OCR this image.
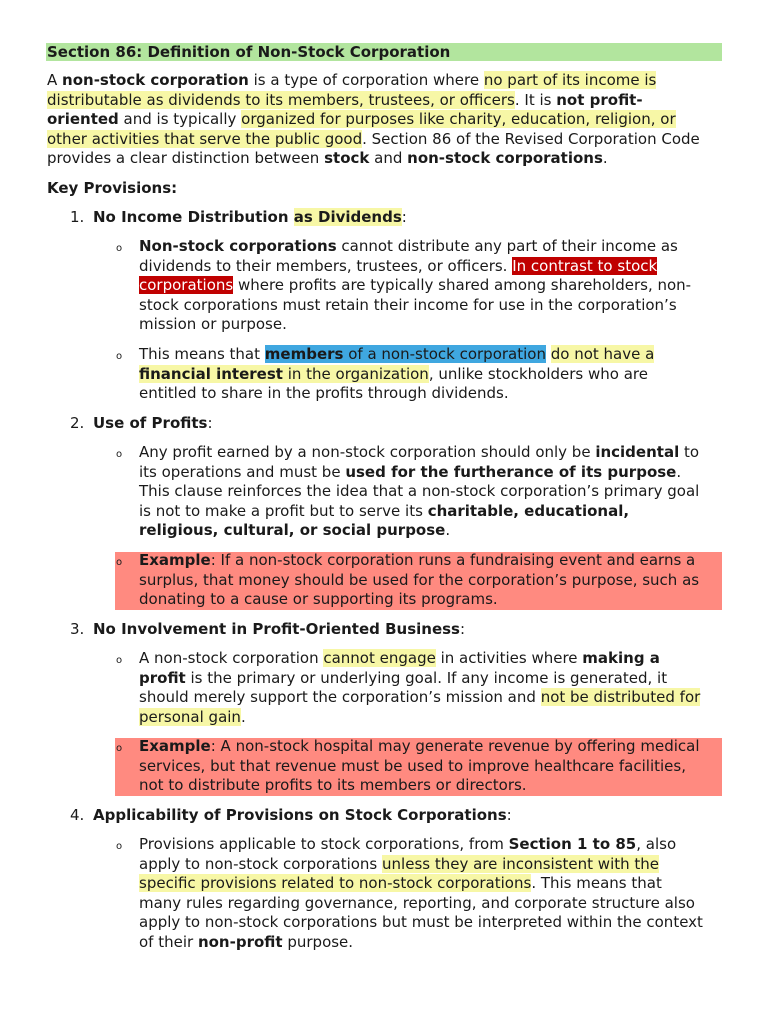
Section 86: Definition of Non-Stock Corporation
A non-stock corporation is a type of corporation where no part of its income is
distributable as dividends to its members, trustees, or officers. It is not profit-
oriented and is typically organized for purposes like charity, education, religion, or
other activities that serve the public good. Section 86 of the Revised Corporation Code
provides a clear distinction between stock and non-stock corporations.
Key Provisions:
1. No Income Distribution as Dividends:
o Non-stock corporations cannot distribute any part of their income as
dividends to their members, trustees, or officers. In contrast to stock
corporations where profits are typically shared among shareholders, non-
stock corporations must retain their income for use in the corporation’s
mission or purpose.
o This means that members of a non-stock corporation do not have a
financial interest in the organization, unlike stockholders who are
entitled to share in the profits through dividends.
2. Use of Profits:
o Any profit earned by a non-stock corporation should only be incidental to
its operations and must be used for the furtherance of its purpose.
This clause reinforces the idea that a non-stock corporation’s primary goal
is not to make a profit but to serve its charitable, educational,
religious, cultural, or social purpose.
o Example: If a non-stock corporation runs a fundraising event and earns a
surplus, that money should be used for the corporation’s purpose, such as
donating to a cause or supporting its programs.
3. No Involvement in Profit-Oriented Business:
o A non-stock corporation cannot engage in activities where making a
profit is the primary or underlying goal. If any income is generated, it
should merely support the corporation’s mission and not be distributed for
personal gain.
o Example: A non-stock hospital may generate revenue by offering medical
services, but that revenue must be used to improve healthcare facilities,
not to distribute profits to its members or directors.
4. Applicability of Provisions on Stock Corporations:
o Provisions applicable to stock corporations, from Section 1 to 85, also
apply to non-stock corporations unless they are inconsistent with the
specific provisions related to non-stock corporations. This means that
many rules regarding governance, reporting, and corporate structure also
apply to non-stock corporations but must be interpreted within the context
of their non-profit purpose.
